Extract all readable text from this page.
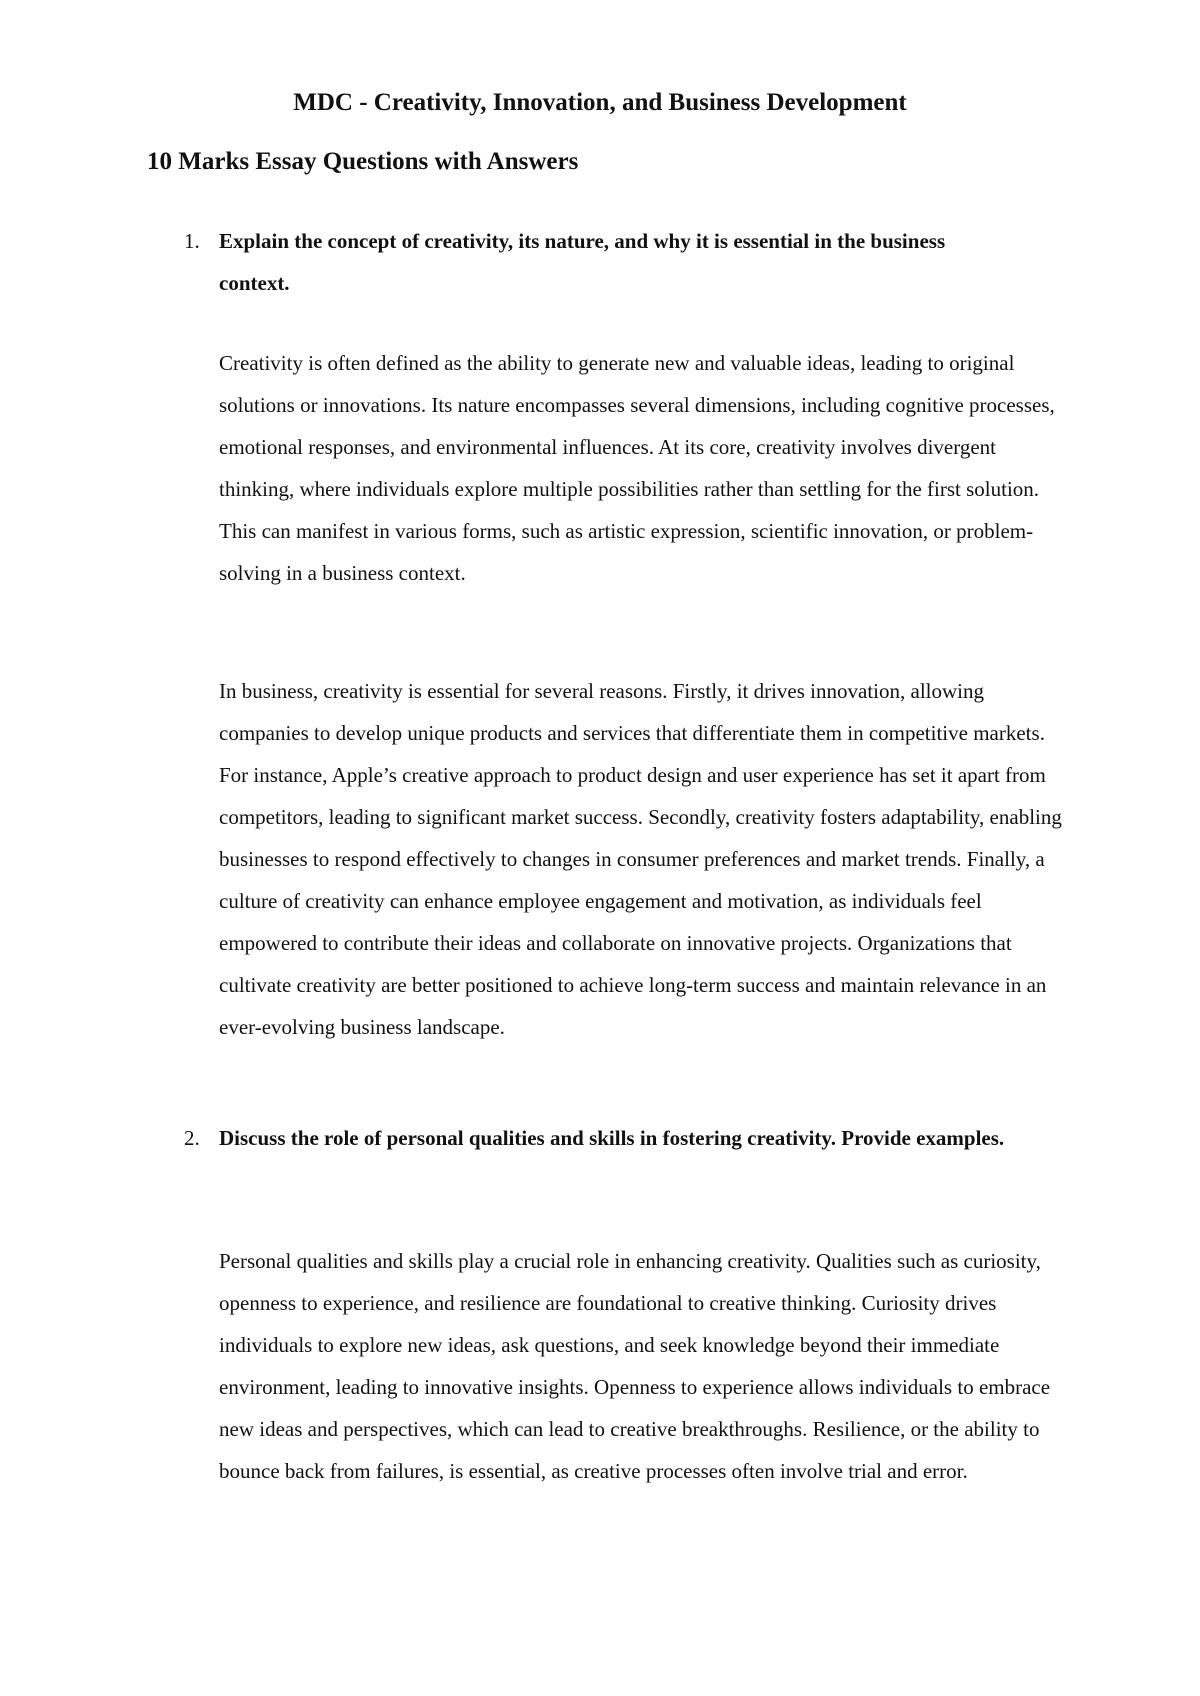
MDC - Creativity, Innovation, and Business Development
10 Marks Essay Questions with Answers
1. Explain the concept of creativity, its nature, and why it is essential in the business context.

Creativity is often defined as the ability to generate new and valuable ideas, leading to original solutions or innovations. Its nature encompasses several dimensions, including cognitive processes, emotional responses, and environmental influences. At its core, creativity involves divergent thinking, where individuals explore multiple possibilities rather than settling for the first solution. This can manifest in various forms, such as artistic expression, scientific innovation, or problem-solving in a business context.

In business, creativity is essential for several reasons. Firstly, it drives innovation, allowing companies to develop unique products and services that differentiate them in competitive markets. For instance, Apple’s creative approach to product design and user experience has set it apart from competitors, leading to significant market success. Secondly, creativity fosters adaptability, enabling businesses to respond effectively to changes in consumer preferences and market trends. Finally, a culture of creativity can enhance employee engagement and motivation, as individuals feel empowered to contribute their ideas and collaborate on innovative projects. Organizations that cultivate creativity are better positioned to achieve long-term success and maintain relevance in an ever-evolving business landscape.

2. Discuss the role of personal qualities and skills in fostering creativity. Provide examples.

Personal qualities and skills play a crucial role in enhancing creativity. Qualities such as curiosity, openness to experience, and resilience are foundational to creative thinking. Curiosity drives individuals to explore new ideas, ask questions, and seek knowledge beyond their immediate environment, leading to innovative insights. Openness to experience allows individuals to embrace new ideas and perspectives, which can lead to creative breakthroughs. Resilience, or the ability to bounce back from failures, is essential, as creative processes often involve trial and error.
